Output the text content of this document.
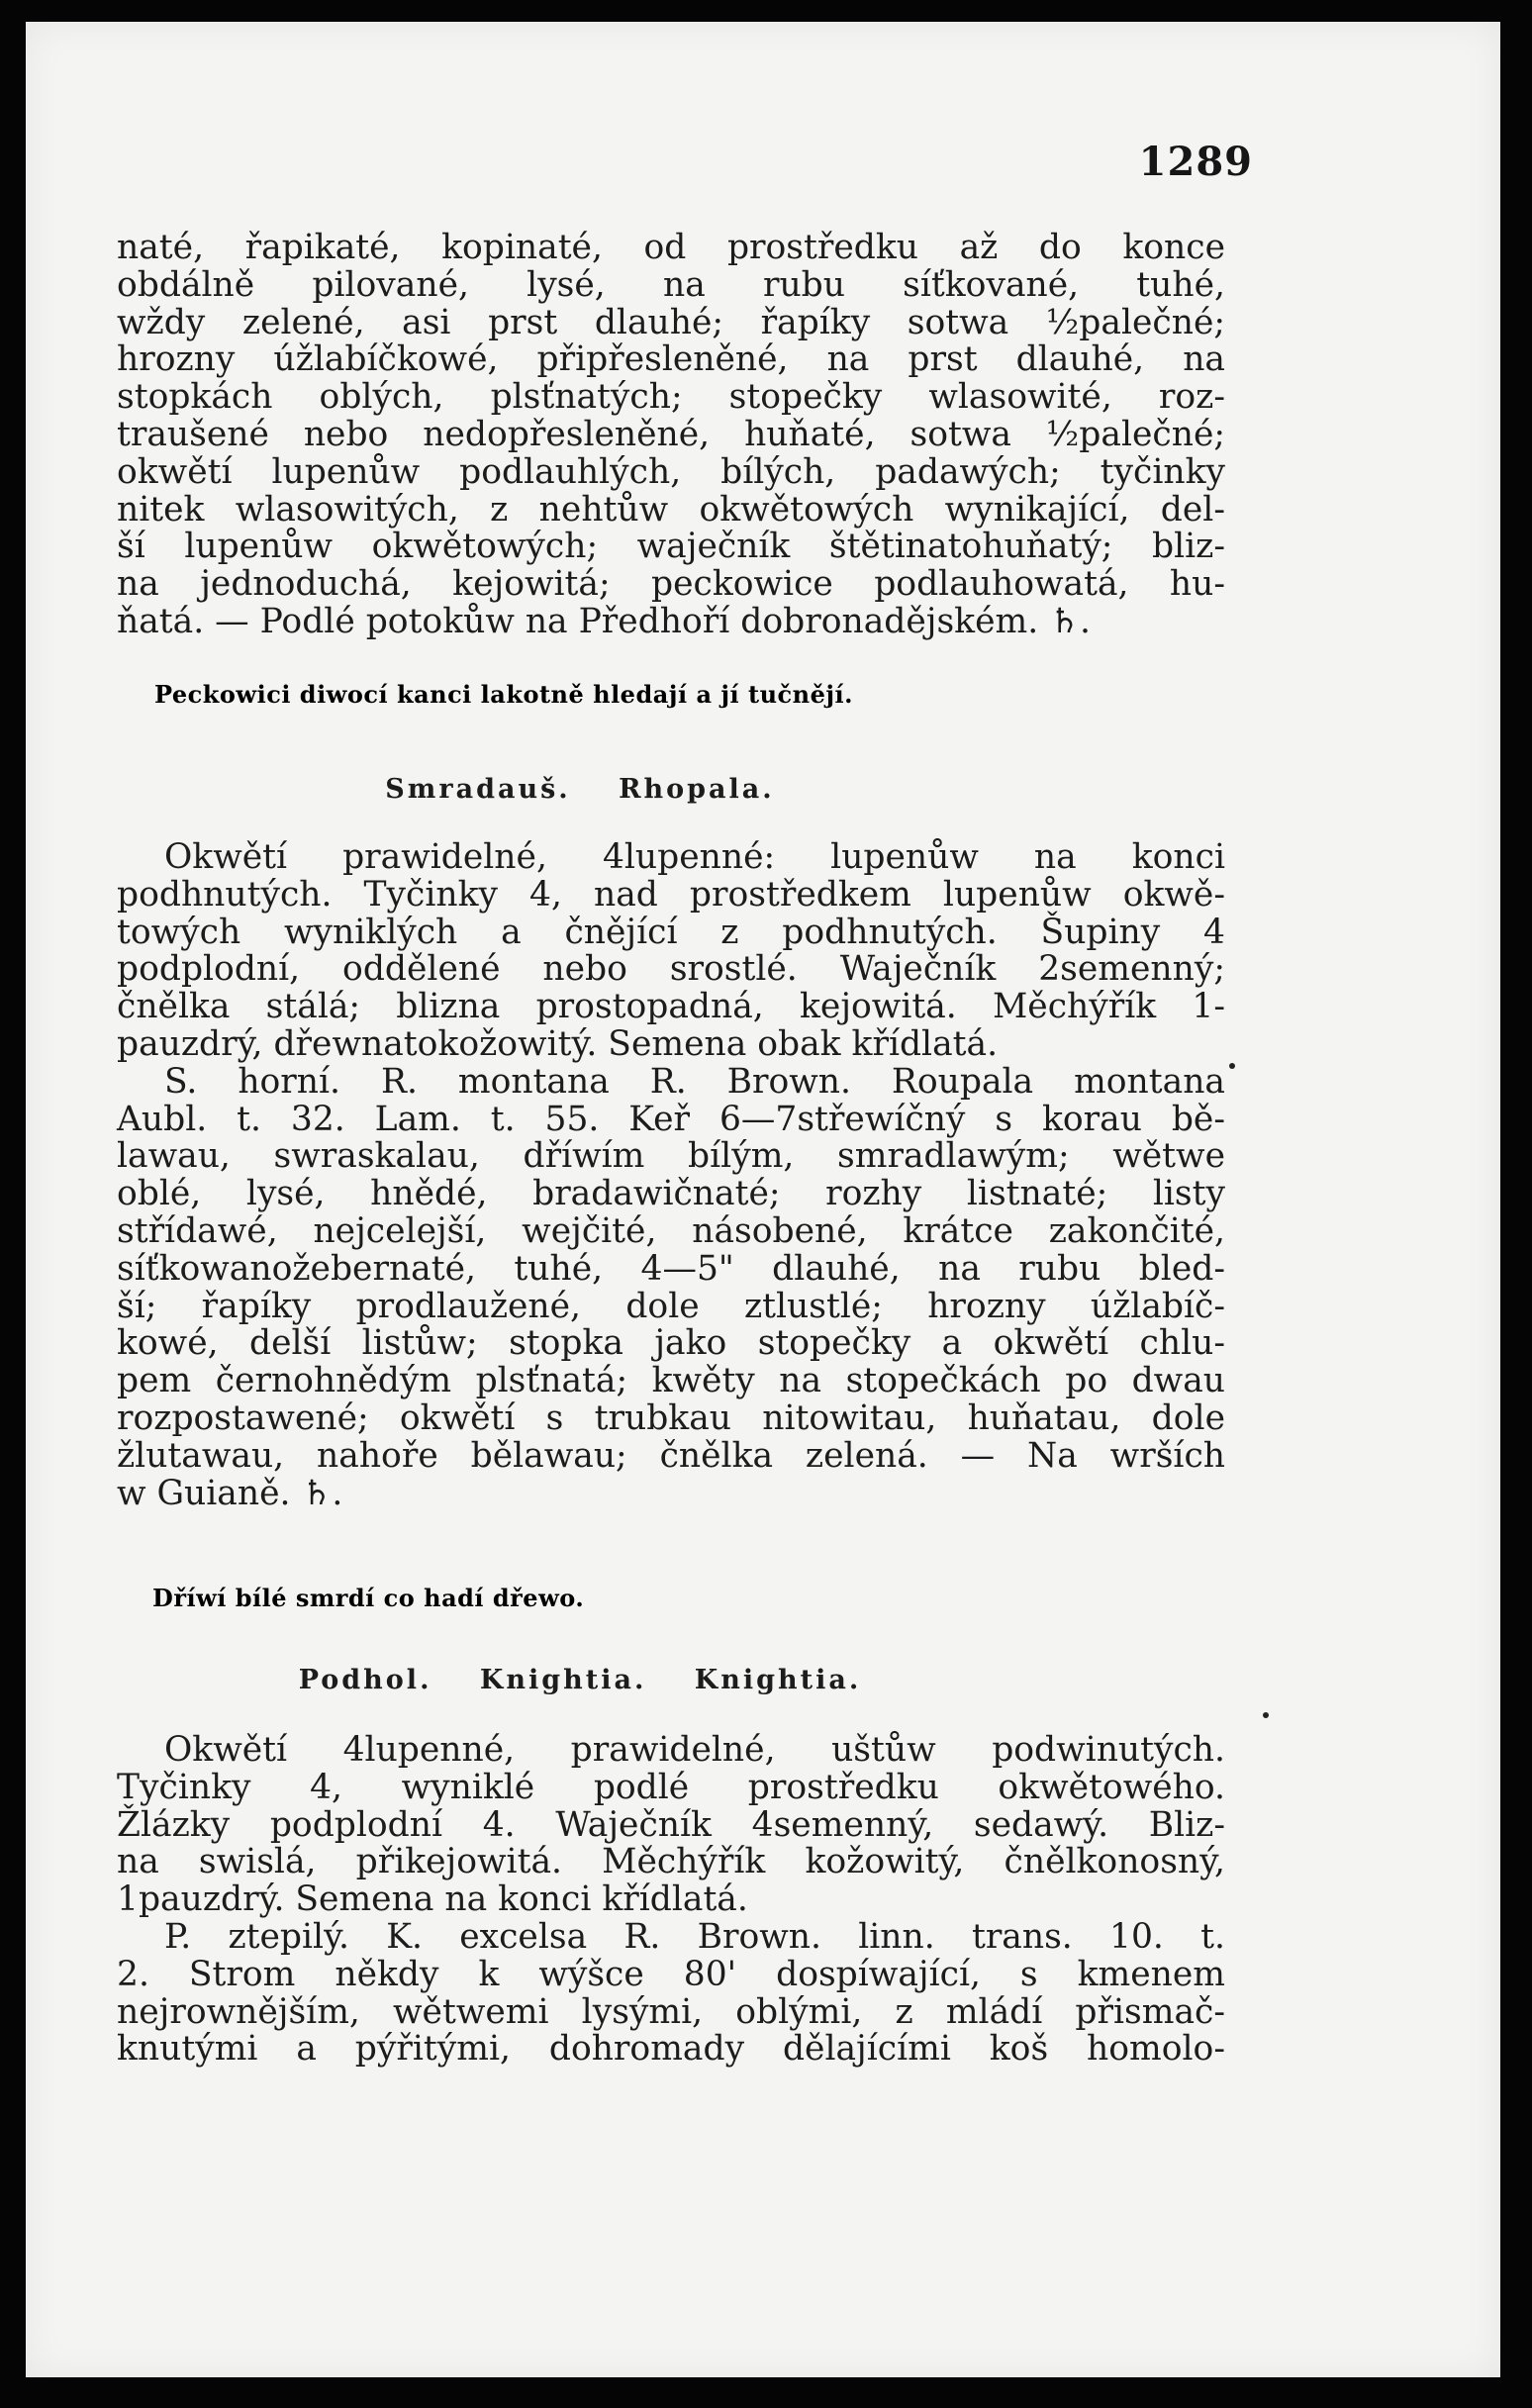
1289

naté, řapikaté, kopinaté, od prostředku až do konce
obdálně pilované, lysé, na rubu síťkované, tuhé,
wždy zelené, asi prst dlauhé; řapíky sotwa ½palečné;
hrozny úžlabíčkowé, připřesleněné, na prst dlauhé, na
stopkách oblých, plsťnatých; stopečky wlasowité, roz-
traušené nebo nedopřesleněné, huňaté, sotwa ½palečné;
okwětí lupenůw podlauhlých, bílých, padawých; tyčinky
nitek wlasowitých, z nehtůw okwětowých wynikající, del-
ší lupenůw okwětowých; waječník štětinatohuňatý; bliz-
na jednoduchá, kejowitá; peckowice podlauhowatá, hu-
ňatá. — Podlé potokůw na Předhoří dobronadějském. ♄.

Peckowici diwocí kanci lakotně hledají a jí tučnějí.

Smradauš. Rhopala.

Okwětí prawidelné, 4lupenné: lupenůw na konci
podhnutých. Tyčinky 4, nad prostředkem lupenůw okwě-
towých wyniklých a čnějící z podhnutých. Šupiny 4
podplodní, oddělené nebo srostlé. Waječník 2semenný;
čnělka stálá; blizna prostopadná, kejowitá. Měchýřík 1-
pauzdrý, dřewnatokožowitý. Semena obak křídlatá.
S. horní. R. montana R. Brown. Roupala montana
Aubl. t. 32. Lam. t. 55. Keř 6—7střewíčný s korau bě-
lawau, swraskalau, dříwím bílým, smradlawým; wětwe
oblé, lysé, hnědé, bradawičnaté; rozhy listnaté; listy
střídawé, nejcelejší, wejčité, násobené, krátce zakončité,
síťkowanožebernaté, tuhé, 4—5" dlauhé, na rubu bled-
ší; řapíky prodlaužené, dole ztlustlé; hrozny úžlabíč-
kowé, delší listůw; stopka jako stopečky a okwětí chlu-
pem černohnědým plsťnatá; kwěty na stopečkách po dwau
rozpostawené; okwětí s trubkau nitowitau, huňatau, dole
žlutawau, nahoře bělawau; čnělka zelená. — Na wrších
w Guianě. ♄.

Dříwí bílé smrdí co hadí dřewo.

Podhol. Knightia. Knightia.

Okwětí 4lupenné, prawidelné, uštůw podwinutých.
Tyčinky 4, wyniklé podlé prostředku okwětowého.
Žlázky podplodní 4. Waječník 4semenný, sedawý. Bliz-
na swislá, přikejowitá. Měchýřík kožowitý, čnělkonosný,
1pauzdrý. Semena na konci křídlatá.
P. ztepilý. K. excelsa R. Brown. linn. trans. 10. t.
2. Strom někdy k wýšce 80' dospíwající, s kmenem
nejrownějším, wětwemi lysými, oblými, z mládí přismač-
knutými a pýřitými, dohromady dělajícími koš homolo-
